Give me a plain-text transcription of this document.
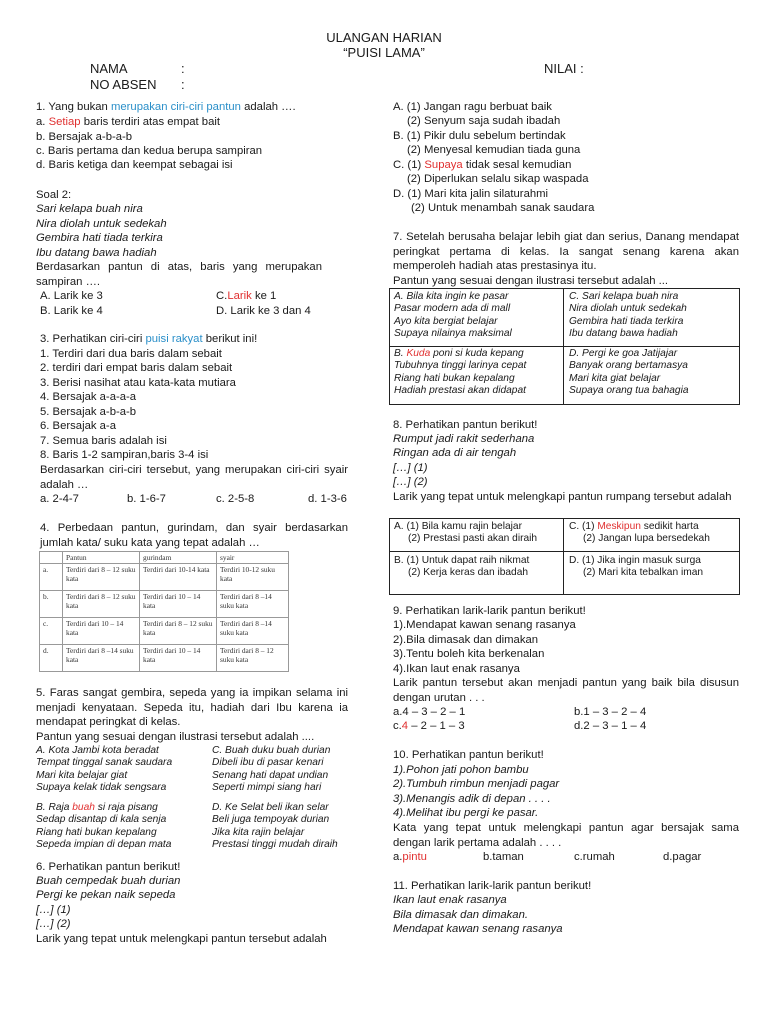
ULANGAN HARIAN
“PUISI LAMA”
NAMA	:	NILAI :
NO ABSEN :
1. Yang bukan merupakan ciri-ciri pantun adalah ….
a. Setiap baris terdiri atas empat bait
b. Bersajak a-b-a-b
c. Baris pertama dan kedua berupa sampiran
d. Baris ketiga dan keempat sebagai isi
Soal 2:
Sari kelapa buah nira
Nira diolah untuk sedekah
Gembira hati tiada terkira
Ibu datang bawa hadiah
Berdasarkan pantun di atas, baris yang merupakan sampiran ….
A. Larik ke 3	C.Larik ke 1
B. Larik ke 4	D. Larik ke 3 dan 4
3. Perhatikan ciri-ciri puisi rakyat berikut ini!
1. Terdiri dari dua baris dalam sebait
2. terdiri dari empat baris dalam sebait
3. Berisi nasihat atau kata-kata mutiara
4. Bersajak a-a-a-a
5. Bersajak a-b-a-b
6. Bersajak a-a
7. Semua baris adalah isi
8. Baris 1-2 sampiran,baris 3-4 isi
Berdasarkan ciri-ciri tersebut, yang merupakan ciri-ciri syair adalah …
a. 2-4-7	b. 1-6-7	c. 2-5-8	d. 1-3-6
4. Perbedaan pantun, gurindam, dan syair berdasarkan jumlah kata/ suku kata yang tepat adalah …
	Pantun	gurindam	syair
a.	Terdiri dari 8 – 12 suku kata	Terdiri dari 10-14 kata	Terdiri 10-12 suku kata
b.	Terdiri dari 8 – 12 suku kata	Terdiri dari 10 – 14 kata	Terdiri dari 8 –14 suku kata
c.	Terdiri dari 10 – 14 kata	Terdiri dari 8 – 12 suku kata	Terdiri dari 8 –14 suku kata
d.	Terdiri dari 8 –14 suku kata	Terdiri dari 10 – 14 kata	Terdiri dari 8 – 12 suku kata
5. Faras sangat gembira, sepeda yang ia impikan selama ini menjadi kenyataan. Sepeda itu, hadiah dari Ibu karena ia mendapat peringkat di kelas.
Pantun yang sesuai dengan ilustrasi tersebut adalah ....
A. Kota Jambi kota beradat
Tempat tinggal sanak saudara
Mari kita belajar giat
Supaya kelak tidak sengsara
C. Buah duku buah durian
Dibeli ibu di pasar kenari
Senang hati dapat undian
Seperti mimpi siang hari
B. Raja buah si raja pisang
Sedap disantap di kala senja
Riang hati bukan kepalang
Sepeda impian di depan mata
D. Ke Selat beli ikan selar
Beli juga tempoyak durian
Jika kita rajin belajar
Prestasi tinggi mudah diraih
6. Perhatikan pantun berikut!
Buah cempedak buah durian
Pergi ke pekan naik sepeda
[…] (1)
[…] (2)
Larik yang tepat untuk melengkapi pantun tersebut adalah
A. (1) Jangan ragu berbuat baik
(2) Senyum saja sudah ibadah
B. (1) Pikir dulu sebelum bertindak
(2) Menyesal kemudian tiada guna
C. (1) Supaya tidak sesal kemudian
(2) Diperlukan selalu sikap waspada
D. (1) Mari kita jalin silaturahmi
(2) Untuk menambah sanak saudara
7. Setelah berusaha belajar lebih giat dan serius, Danang mendapat peringkat pertama di kelas. Ia sangat senang karena akan memperoleh hadiah atas prestasinya itu.
Pantun yang sesuai dengan ilustrasi tersebut adalah ...
A. Bila kita ingin ke pasar
Pasar modern ada di mall
Ayo kita bergiat belajar
Supaya nilainya maksimal
C. Sari kelapa buah nira
Nira diolah untuk sedekah
Gembira hati tiada terkira
Ibu datang bawa hadiah
B. Kuda poni si kuda kepang
Tubuhnya tinggi larinya cepat
Riang hati bukan kepalang
Hadiah prestasi akan didapat
D. Pergi ke goa Jatijajar
Banyak orang bertamasya
Mari kita giat belajar
Supaya orang tua bahagia
8. Perhatikan pantun berikut!
Rumput jadi rakit sederhana
Ringan ada di air tengah
[…] (1)
[…] (2)
Larik yang tepat untuk melengkapi pantun rumpang tersebut adalah
A. (1) Bila kamu rajin belajar
(2) Prestasi pasti akan diraih
C. (1) Meskipun sedikit harta
(2) Jangan lupa bersedekah
B. (1) Untuk dapat raih nikmat
(2) Kerja keras dan ibadah
D. (1) Jika ingin masuk surga
(2) Mari kita tebalkan iman
9. Perhatikan larik-larik pantun berikut!
1).Mendapat kawan senang rasanya
2).Bila dimasak dan dimakan
3).Tentu boleh kita berkenalan
4).Ikan laut enak rasanya
Larik pantun tersebut akan menjadi pantun yang baik bila disusun dengan urutan . . .
a.4 – 3 – 2 – 1	b.1 – 3 – 2 – 4
c.4 – 2 – 1 – 3	d.2 – 3 – 1 – 4
10. Perhatikan pantun berikut!
1).Pohon jati pohon bambu
2).Tumbuh rimbun menjadi pagar
3).Menangis adik di depan . . . .
4).Melihat ibu pergi ke pasar.
Kata yang tepat untuk melengkapi pantun agar bersajak sama dengan larik pertama adalah . . . .
a.pintu	b.taman	c.rumah	d.pagar
11. Perhatikan larik-larik pantun berikut!
Ikan laut enak rasanya
Bila dimasak dan dimakan.
Mendapat kawan senang rasanya
